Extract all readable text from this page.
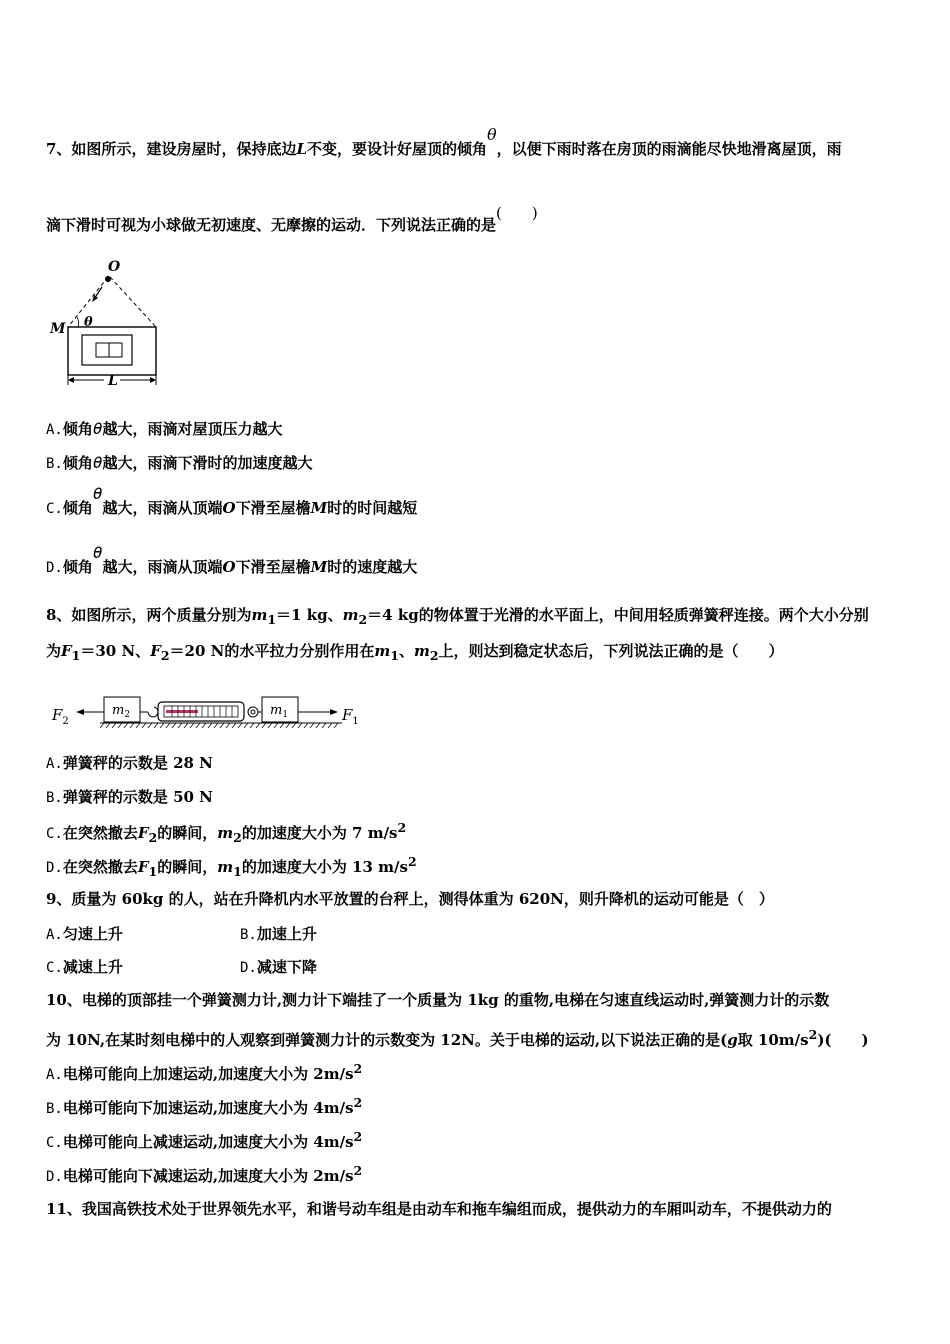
7、如图所示，建设房屋时，保持底边L不变，要设计好屋顶的倾角θ，以便下雨时落在房顶的雨滴能尽快地滑离屋顶，雨
滴下滑时可视为小球做无初速度、无摩擦的运动．下列说法正确的是(　　)
O
M θ
L
A.倾角θ越大，雨滴对屋顶压力越大
B.倾角θ越大，雨滴下滑时的加速度越大
C.倾角θ越大，雨滴从顶端O下滑至屋檐M时的时间越短
D.倾角θ越大，雨滴从顶端O下滑至屋檐M时的速度越大
8、如图所示，两个质量分别为$m_1=1$ kg、$m_2=4$ kg的物体置于光滑的水平面上，中间用轻质弹簧秤连接。两个大小分别
为$F_1=30$ N、$F_2=20$ N的水平拉力分别作用在$m_1$、$m_2$上，则达到稳定状态后，下列说法正确的是（　　）
$F_2$
$m_2$	$m_1$	$F_1$
A.弹簧秤的示数是 28 N
B.弹簧秤的示数是 50 N
C.在突然撤去$F_2$的瞬间，$m_2$的加速度大小为 7 $m/s^2$
D.在突然撤去$F_1$的瞬间，$m_1$的加速度大小为 13 $m/s^2$
9、质量为 60kg 的人，站在升降机内水平放置的台秤上，测得体重为 620N，则升降机的运动可能是（　）
A.匀速上升	B.加速上升
C.减速上升	D.减速下降
10、电梯的顶部挂一个弹簧测力计,测力计下端挂了一个质量为 1kg 的重物,电梯在匀速直线运动时,弹簧测力计的示数
为 10N,在某时刻电梯中的人观察到弹簧测力计的示数变为 12N。关于电梯的运动,以下说法正确的是(g取 $10m/s^2$)(　　)
A.电梯可能向上加速运动,加速度大小为 $2m/s^2$
B.电梯可能向下加速运动,加速度大小为 $4m/s^2$
C.电梯可能向上减速运动,加速度大小为 $4m/s^2$
D.电梯可能向下减速运动,加速度大小为 $2m/s^2$
11、我国高铁技术处于世界领先水平，和谐号动车组是由动车和拖车编组而成，提供动力的车厢叫动车，不提供动力的
